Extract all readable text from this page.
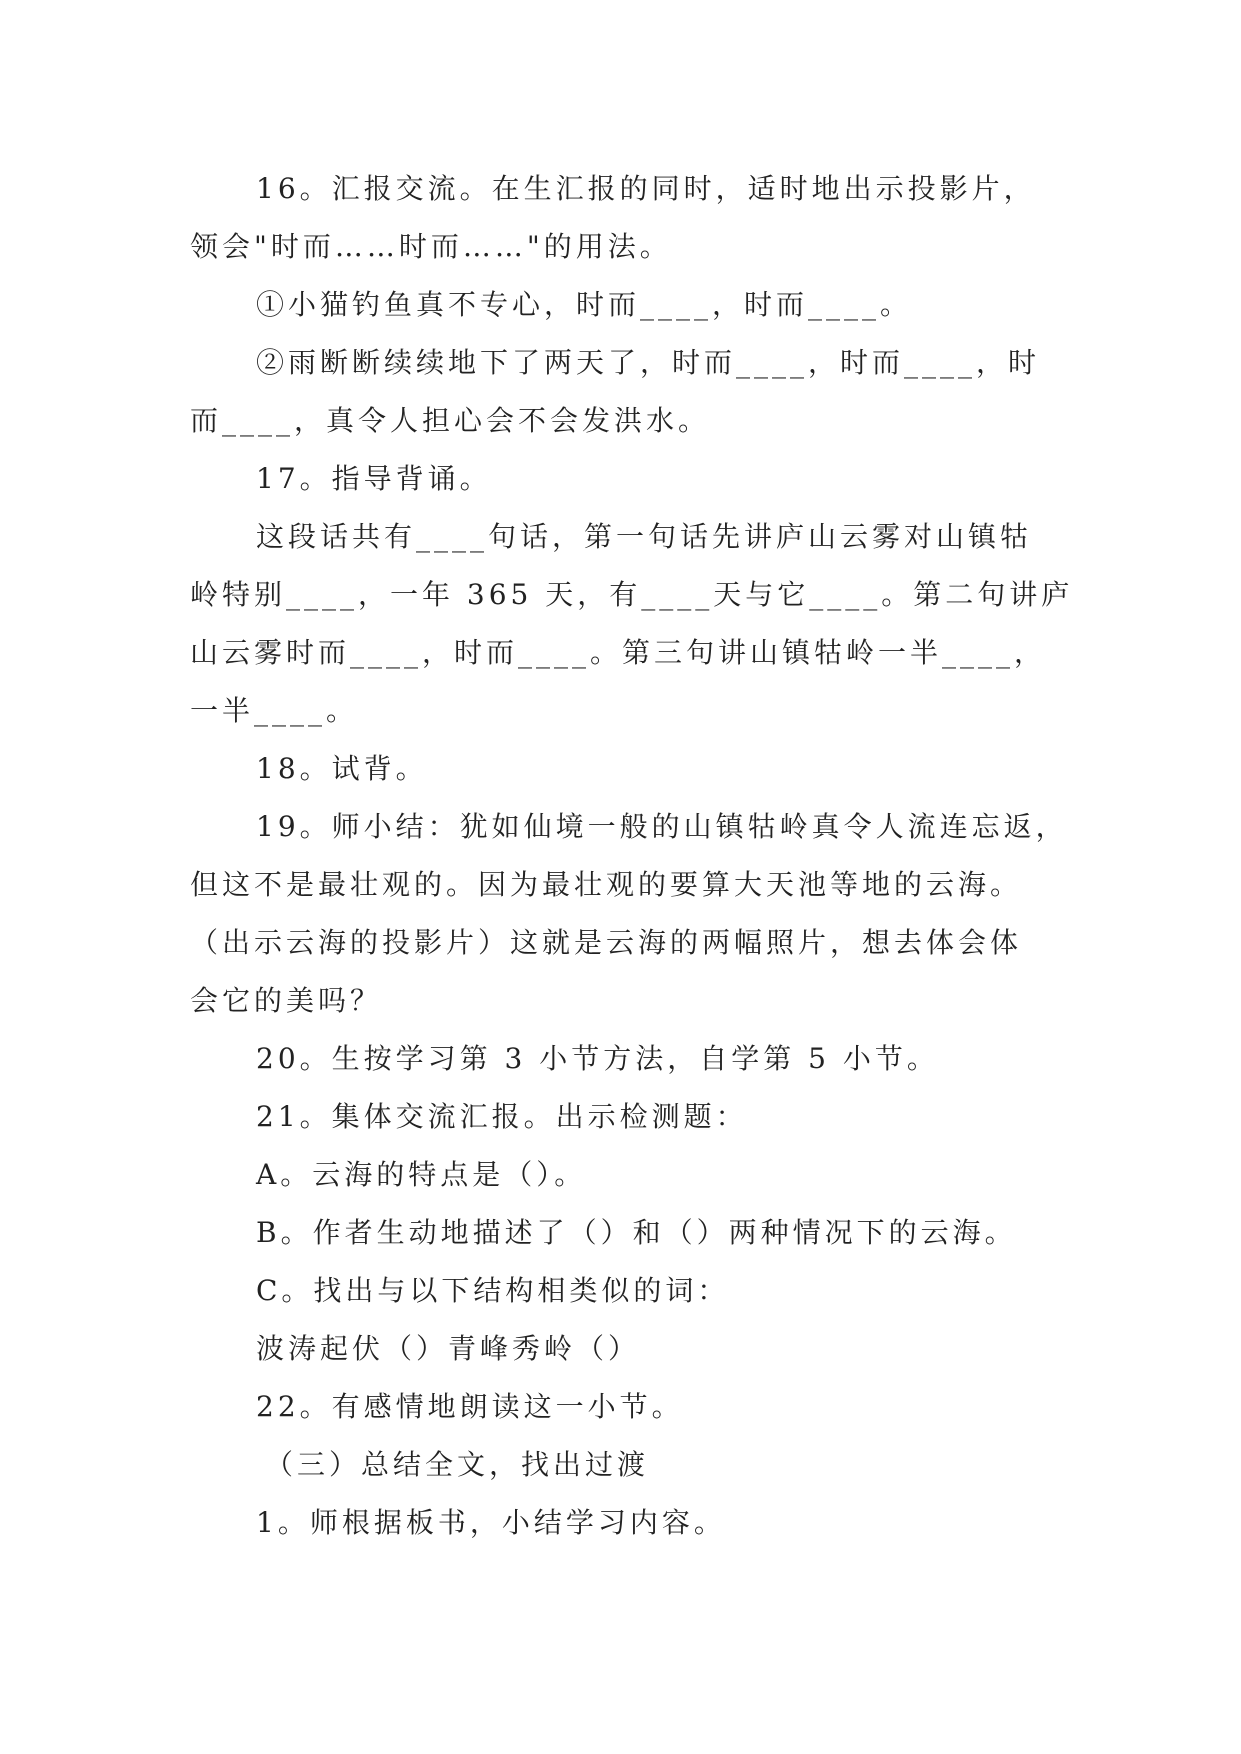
16。汇报交流。在生汇报的同时，适时地出示投影片，
领会"时而……时而……"的用法。
①小猫钓鱼真不专心，时而____，时而____。
②雨断断续续地下了两天了，时而____，时而____，时
而____，真令人担心会不会发洪水。
17。指导背诵。
这段话共有____句话，第一句话先讲庐山云雾对山镇牯
岭特别____，一年 365 天，有____天与它____。第二句讲庐
山云雾时而____，时而____。第三句讲山镇牯岭一半____，
一半____。
18。试背。
19。师小结：犹如仙境一般的山镇牯岭真令人流连忘返，
但这不是最壮观的。因为最壮观的要算大天池等地的云海。
（出示云海的投影片）这就是云海的两幅照片，想去体会体
会它的美吗？
20。生按学习第 3 小节方法，自学第 5 小节。
21。集体交流汇报。出示检测题：
A。云海的特点是（）。
B。作者生动地描述了（）和（）两种情况下的云海。
C。找出与以下结构相类似的词：
波涛起伏（）青峰秀岭（）
22。有感情地朗读这一小节。
（三）总结全文，找出过渡
1。师根据板书，小结学习内容。
